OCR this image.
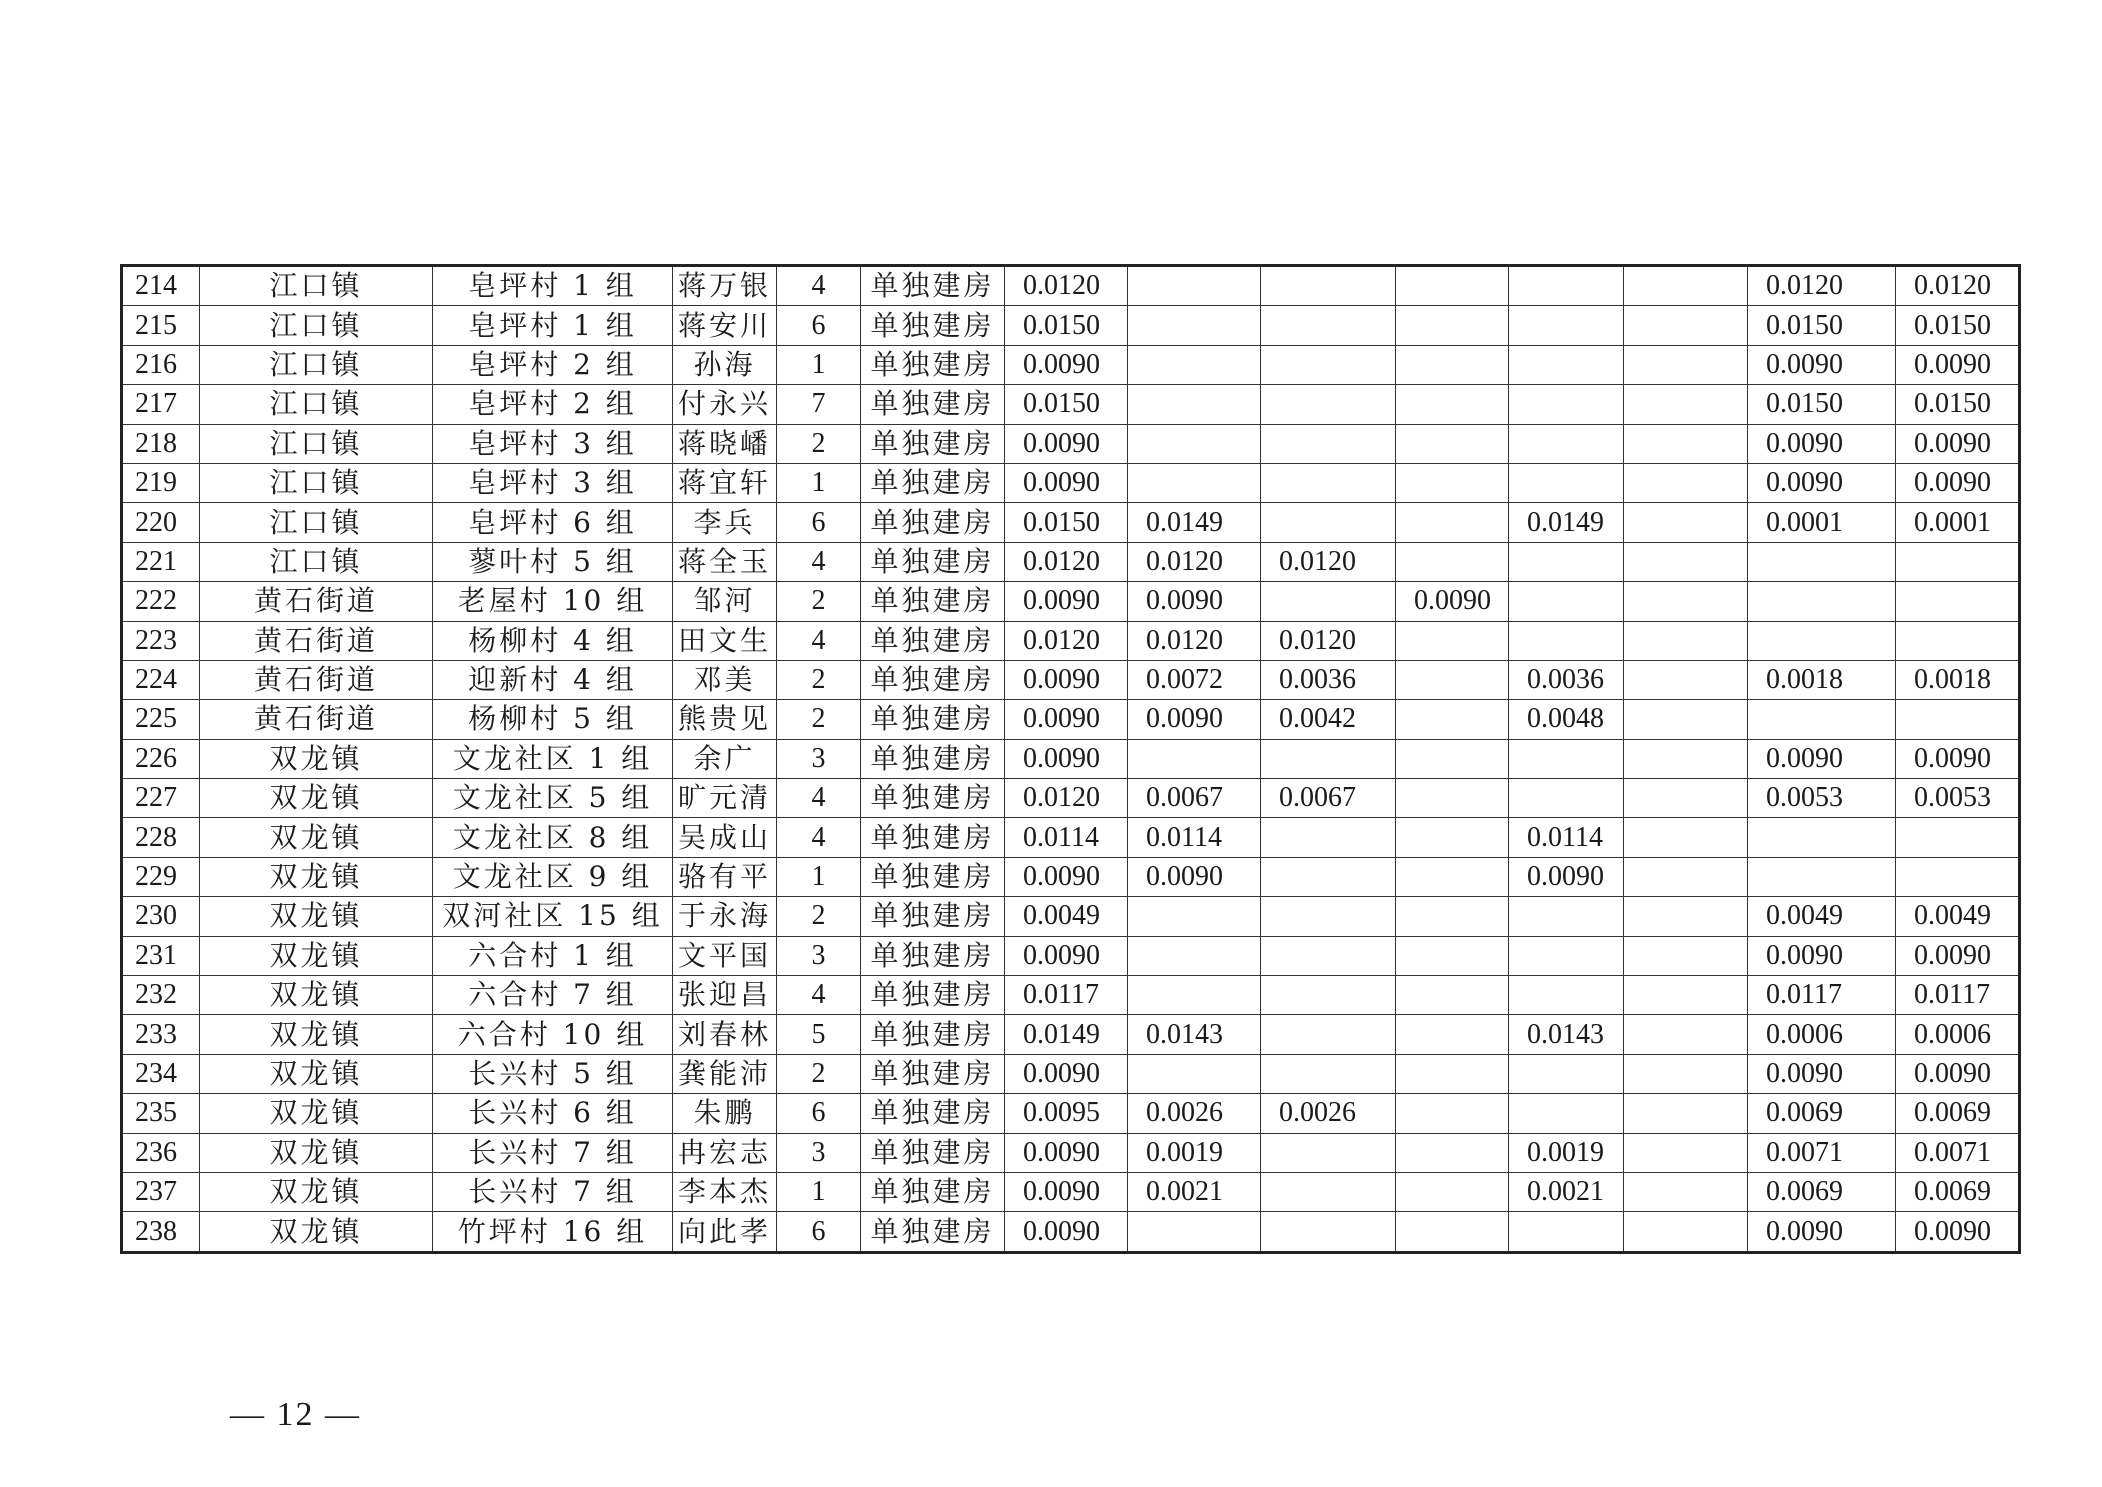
214	江口镇	皂坪村 1 组	蒋万银	4	单独建房	0.0120						0.0120	0.0120
215	江口镇	皂坪村 1 组	蒋安川	6	单独建房	0.0150						0.0150	0.0150
216	江口镇	皂坪村 2 组	孙海	1	单独建房	0.0090						0.0090	0.0090
217	江口镇	皂坪村 2 组	付永兴	7	单独建房	0.0150						0.0150	0.0150
218	江口镇	皂坪村 3 组	蒋晓嶓	2	单独建房	0.0090						0.0090	0.0090
219	江口镇	皂坪村 3 组	蒋宜轩	1	单独建房	0.0090						0.0090	0.0090
220	江口镇	皂坪村 6 组	李兵	6	单独建房	0.0150	0.0149			0.0149		0.0001	0.0001
221	江口镇	蓼叶村 5 组	蒋全玉	4	单独建房	0.0120	0.0120	0.0120					
222	黄石街道	老屋村 10 组	邹河	2	单独建房	0.0090	0.0090		0.0090				
223	黄石街道	杨柳村 4 组	田文生	4	单独建房	0.0120	0.0120	0.0120					
224	黄石街道	迎新村 4 组	邓美	2	单独建房	0.0090	0.0072	0.0036		0.0036		0.0018	0.0018
225	黄石街道	杨柳村 5 组	熊贵见	2	单独建房	0.0090	0.0090	0.0042		0.0048			
226	双龙镇	文龙社区 1 组	余广	3	单独建房	0.0090						0.0090	0.0090
227	双龙镇	文龙社区 5 组	旷元清	4	单独建房	0.0120	0.0067	0.0067				0.0053	0.0053
228	双龙镇	文龙社区 8 组	吴成山	4	单独建房	0.0114	0.0114			0.0114			
229	双龙镇	文龙社区 9 组	骆有平	1	单独建房	0.0090	0.0090			0.0090			
230	双龙镇	双河社区 15 组	于永海	2	单独建房	0.0049						0.0049	0.0049
231	双龙镇	六合村 1 组	文平国	3	单独建房	0.0090						0.0090	0.0090
232	双龙镇	六合村 7 组	张迎昌	4	单独建房	0.0117						0.0117	0.0117
233	双龙镇	六合村 10 组	刘春林	5	单独建房	0.0149	0.0143			0.0143		0.0006	0.0006
234	双龙镇	长兴村 5 组	龚能沛	2	单独建房	0.0090						0.0090	0.0090
235	双龙镇	长兴村 6 组	朱鹏	6	单独建房	0.0095	0.0026	0.0026				0.0069	0.0069
236	双龙镇	长兴村 7 组	冉宏志	3	单独建房	0.0090	0.0019			0.0019		0.0071	0.0071
237	双龙镇	长兴村 7 组	李本杰	1	单独建房	0.0090	0.0021			0.0021		0.0069	0.0069
238	双龙镇	竹坪村 16 组	向此孝	6	单独建房	0.0090						0.0090	0.0090
— 12 —
